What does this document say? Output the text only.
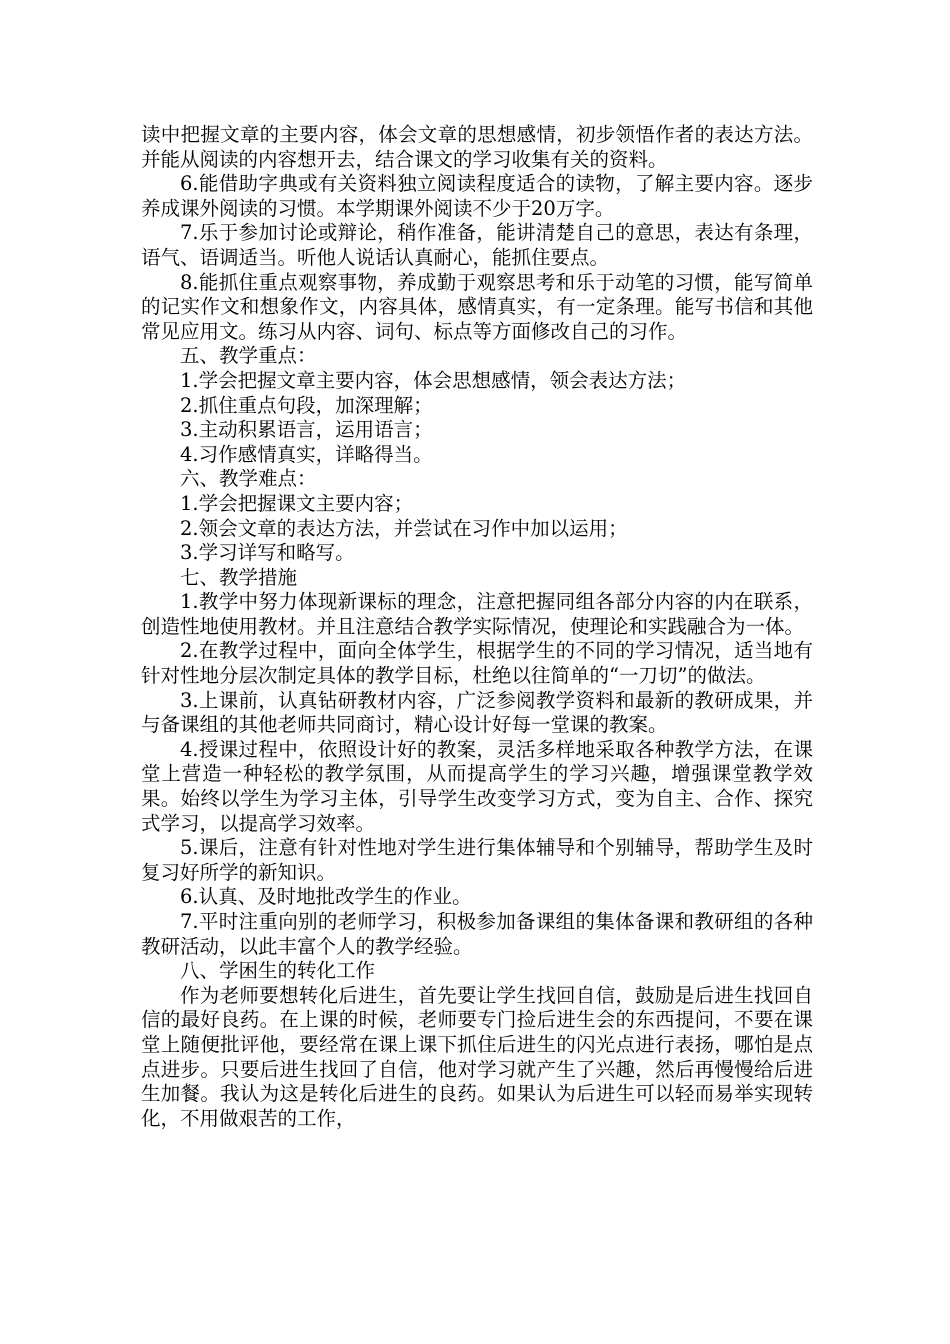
读中把握文章的主要内容，体会文章的思想感情，初步领悟作者的表达方法。并能从阅读的内容想开去，结合课文的学习收集有关的资料。

6.能借助字典或有关资料独立阅读程度适合的读物，了解主要内容。逐步养成课外阅读的习惯。本学期课外阅读不少于20万字。

7.乐于参加讨论或辩论，稍作准备，能讲清楚自己的意思，表达有条理，语气、语调适当。听他人说话认真耐心，能抓住要点。

8.能抓住重点观察事物，养成勤于观察思考和乐于动笔的习惯，能写简单的记实作文和想象作文，内容具体，感情真实，有一定条理。能写书信和其他常见应用文。练习从内容、词句、标点等方面修改自己的习作。

五、教学重点：

1.学会把握文章主要内容，体会思想感情，领会表达方法；

2.抓住重点句段，加深理解；

3.主动积累语言，运用语言；

4.习作感情真实，详略得当。

六、教学难点：

1.学会把握课文主要内容；

2.领会文章的表达方法，并尝试在习作中加以运用；

3.学习详写和略写。

七、教学措施

1.教学中努力体现新课标的理念，注意把握同组各部分内容的内在联系，创造性地使用教材。并且注意结合教学实际情况，使理论和实践融合为一体。

2.在教学过程中，面向全体学生，根据学生的不同的学习情况，适当地有针对性地分层次制定具体的教学目标，杜绝以往简单的“一刀切”的做法。

3.上课前，认真钻研教材内容，广泛参阅教学资料和最新的教研成果，并与备课组的其他老师共同商讨，精心设计好每一堂课的教案。

4.授课过程中，依照设计好的教案，灵活多样地采取各种教学方法，在课堂上营造一种轻松的教学氛围，从而提高学生的学习兴趣，增强课堂教学效果。始终以学生为学习主体，引导学生改变学习方式，变为自主、合作、探究式学习，以提高学习效率。

5.课后，注意有针对性地对学生进行集体辅导和个别辅导，帮助学生及时复习好所学的新知识。

6.认真、及时地批改学生的作业。

7.平时注重向别的老师学习，积极参加备课组的集体备课和教研组的各种教研活动，以此丰富个人的教学经验。

八、学困生的转化工作

作为老师要想转化后进生，首先要让学生找回自信，鼓励是后进生找回自信的最好良药。在上课的时候，老师要专门捡后进生会的东西提问，不要在课堂上随便批评他，要经常在课上课下抓住后进生的闪光点进行表扬，哪怕是点点进步。只要后进生找回了自信，他对学习就产生了兴趣，然后再慢慢给后进生加餐。我认为这是转化后进生的良药。如果认为后进生可以轻而易举实现转化，不用做艰苦的工作，
